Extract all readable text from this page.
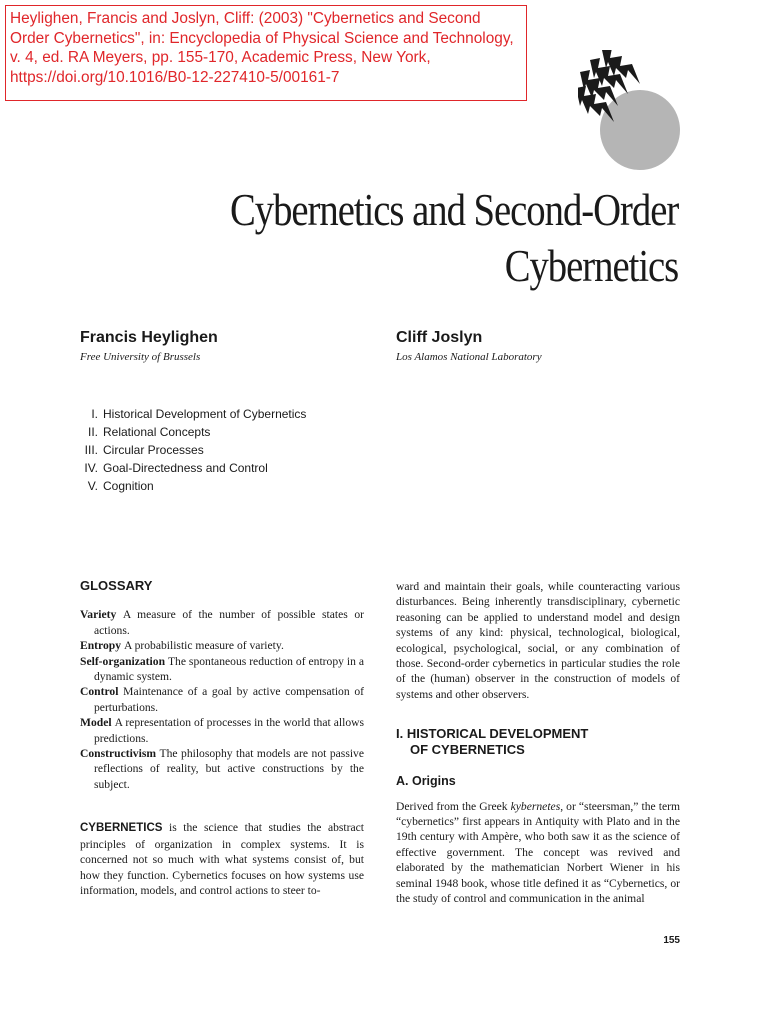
Heylighen, Francis and Joslyn, Cliff: (2003) "Cybernetics and Second
Order Cybernetics", in: Encyclopedia of Physical Science and Technology,
v. 4, ed. RA Meyers, pp. 155-170, Academic Press, New York,
https://doi.org/10.1016/B0-12-227410-5/00161-7
Cybernetics and Second-Order
Cybernetics
Francis Heylighen
Free University of Brussels
Cliff Joslyn
Los Alamos National Laboratory
I. Historical Development of Cybernetics
II. Relational Concepts
III. Circular Processes
IV. Goal-Directedness and Control
V. Cognition
GLOSSARY

Variety A measure of the number of possible states or actions.

Entropy A probabilistic measure of variety.

Self-organization The spontaneous reduction of entropy in a dynamic system.

Control Maintenance of a goal by active compensation of perturbations.

Model A representation of processes in the world that allows predictions.

Constructivism The philosophy that models are not passive reflections of reality, but active constructions by the subject.

CYBERNETICS is the science that studies the abstract principles of organization in complex systems. It is concerned not so much with what systems consist of, but how they function. Cybernetics focuses on how systems use information, models, and control actions to steer to-

ward and maintain their goals, while counteracting various disturbances. Being inherently transdisciplinary, cybernetic reasoning can be applied to understand model and design systems of any kind: physical, technological, biological, ecological, psychological, social, or any combination of those. Second-order cybernetics in particular studies the role of the (human) observer in the construction of models of systems and other observers.

I. HISTORICAL DEVELOPMENT
OF CYBERNETICS
A. Origins

Derived from the Greek kybernetes, or “steersman,” the term “cybernetics” first appears in Antiquity with Plato and in the 19th century with Ampère, who both saw it as the science of effective government. The concept was revived and elaborated by the mathematician Norbert Wiener in his seminal 1948 book, whose title defined it as “Cybernetics, or the study of control and communication in the animal

155
